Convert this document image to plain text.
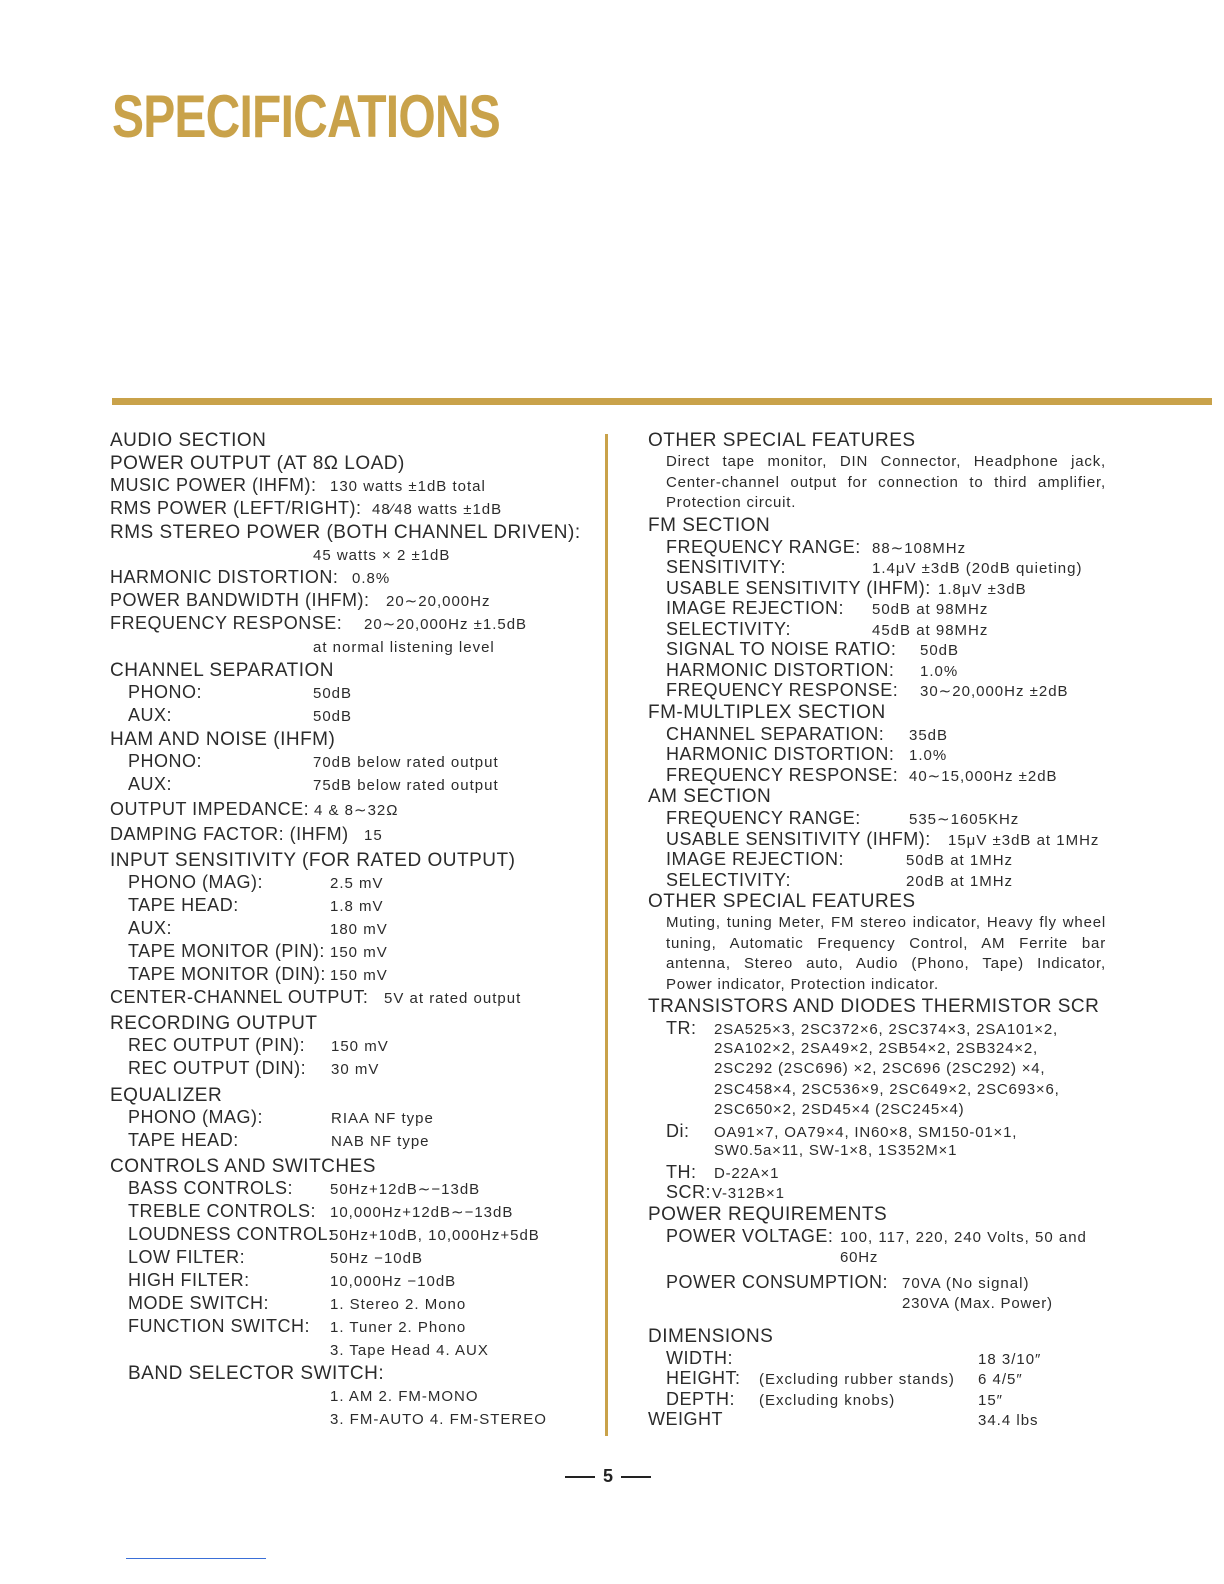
SPECIFICATIONS
AUDIO SECTION
POWER OUTPUT (AT 8Ω LOAD)
MUSIC POWER (IHFM): 130 watts ±1dB total
RMS POWER (LEFT/RIGHT): 48∕48 watts ±1dB
RMS STEREO POWER (BOTH CHANNEL DRIVEN):
45 watts × 2 ±1dB
HARMONIC DISTORTION: 0.8%
POWER BANDWIDTH (IHFM):	20∼20,000Hz
FREQUENCY RESPONSE:	20∼20,000Hz ±1.5dB
at normal listening level
CHANNEL SEPARATION
PHONO:	50dB
AUX:	50dB
HAM AND NOISE (IHFM)
PHONO:	70dB below rated output
AUX:	75dB below rated output
OUTPUT IMPEDANCE: 4 & 8∼32Ω
DAMPING FACTOR: (IHFM)	15
INPUT SENSITIVITY (FOR RATED OUTPUT)
PHONO (MAG):	2.5 mV
TAPE HEAD:	1.8 mV
AUX:	180 mV
TAPE MONITOR (PIN): 150 mV
TAPE MONITOR (DIN): 150 mV
CENTER-CHANNEL OUTPUT:	5V at rated output
RECORDING OUTPUT
REC OUTPUT (PIN):	150 mV
REC OUTPUT (DIN):	30 mV
EQUALIZER
PHONO (MAG):	RIAA NF type
TAPE HEAD:	NAB NF type
CONTROLS AND SWITCHES
BASS CONTROLS:	50Hz+12dB∼−13dB
TREBLE CONTROLS: 10,000Hz+12dB∼−13dB
LOUDNESS CONTROL:
50Hz+10dB, 10,000Hz+5dB
LOW FILTER:	50Hz −10dB
HIGH FILTER:	10,000Hz −10dB
MODE SWITCH:	1. Stereo 2. Mono
FUNCTION SWITCH:	1. Tuner 2. Phono
3. Tape Head 4. AUX
BAND SELECTOR SWITCH:
1. AM 2. FM-MONO
3. FM-AUTO 4. FM-STEREO
OTHER SPECIAL FEATURES
Direct tape monitor, DIN Connector, Headphone jack, Center-channel output for connection to third amplifier, Protection circuit.
FM SECTION
FREQUENCY RANGE: 88∼108MHz
SENSITIVITY:	1.4μV ±3dB (20dB quieting)
USABLE SENSITIVITY (IHFM): 1.8μV ±3dB
IMAGE REJECTION:	50dB at 98MHz
SELECTIVITY:	45dB at 98MHz
SIGNAL TO NOISE RATIO:	50dB
HARMONIC DISTORTION:	1.0%
FREQUENCY RESPONSE:	30∼20,000Hz ±2dB
FM-MULTIPLEX SECTION
CHANNEL SEPARATION:	35dB
HARMONIC DISTORTION: 1.0%
FREQUENCY RESPONSE: 40∼15,000Hz ±2dB
AM SECTION
FREQUENCY RANGE:	535∼1605KHz
USABLE SENSITIVITY (IHFM):	15μV ±3dB at 1MHz
IMAGE REJECTION:	50dB at 1MHz
SELECTIVITY:	20dB at 1MHz
OTHER SPECIAL FEATURES
Muting, tuning Meter, FM stereo indicator, Heavy fly wheel tuning, Automatic Frequency Control, AM Ferrite bar antenna, Stereo auto, Audio (Phono, Tape) Indicator, Power indicator, Protection indicator.
TRANSISTORS AND DIODES THERMISTOR SCR
TR:	2SA525×3, 2SC372×6, 2SC374×3, 2SA101×2,
2SA102×2, 2SA49×2, 2SB54×2, 2SB324×2,
2SC292 (2SC696) ×2, 2SC696 (2SC292) ×4,
2SC458×4, 2SC536×9, 2SC649×2, 2SC693×6,
2SC650×2, 2SD45×4 (2SC245×4)
Di:	OA91×7, OA79×4, IN60×8, SM150-01×1,
SW0.5a×11, SW-1×8, 1S352M×1
TH:	D-22A×1
SCR: V-312B×1
POWER REQUIREMENTS
POWER VOLTAGE: 100, 117, 220, 240 Volts, 50 and
60Hz
POWER CONSUMPTION: 70VA (No signal)
230VA (Max. Power)
DIMENSIONS
WIDTH:	18 3/10″
HEIGHT:	(Excluding rubber stands)	6 4/5″
DEPTH:	(Excluding knobs)	15″
WEIGHT	34.4 lbs
5
